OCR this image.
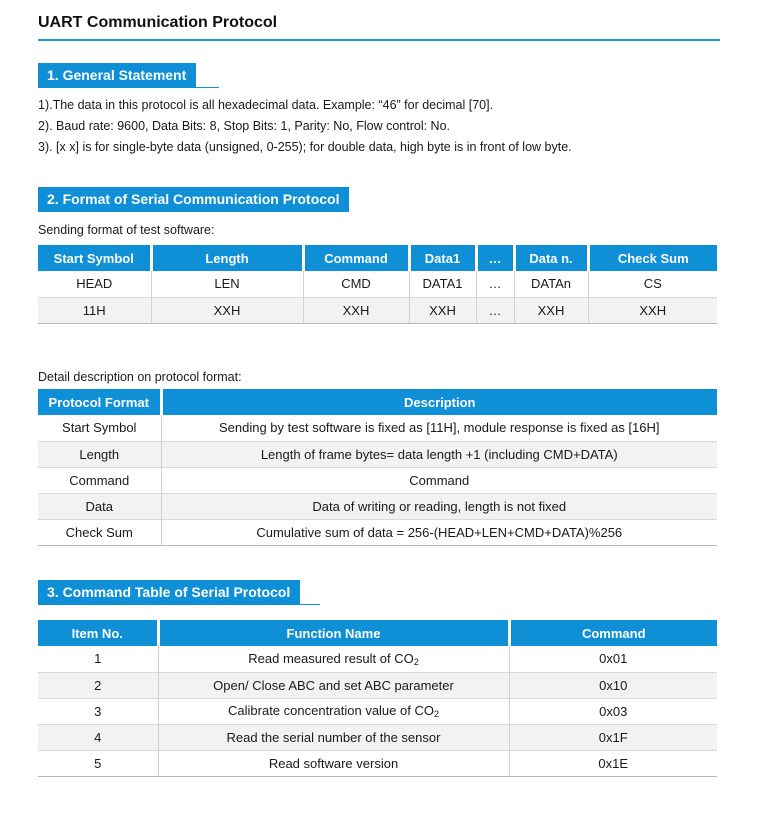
UART Communication Protocol
1. General Statement
1).The data in this protocol is all hexadecimal data. Example: “46” for decimal [70].
2). Baud rate: 9600, Data Bits: 8, Stop Bits: 1, Parity: No, Flow control: No.
3). [x x] is for single-byte data (unsigned, 0-255); for double data, high byte is in front of low byte.
2. Format of Serial Communication Protocol
Sending format of test software:
Start Symbol	Length	Command	Data1	…	Data n.	Check Sum
HEAD	LEN	CMD	DATA1	…	DATAn	CS
11H	XXH	XXH	XXH	…	XXH	XXH
Detail description on protocol format:
Protocol Format	Description
Start Symbol	Sending by test software is fixed as [11H], module response is fixed as [16H]
Length	Length of frame bytes= data length +1 (including CMD+DATA)
Command	Command
Data	Data of writing or reading, length is not fixed
Check Sum	Cumulative sum of data = 256-(HEAD+LEN+CMD+DATA)%256
3. Command Table of Serial Protocol
Item No.	Function Name	Command
1	Read measured result of $CO_2$	0x01
2	Open/ Close ABC and set ABC parameter	0x10
3	Calibrate concentration value of $CO_2$	0x03
4	Read the serial number of the sensor	0x1F
5	Read software version	0x1E
